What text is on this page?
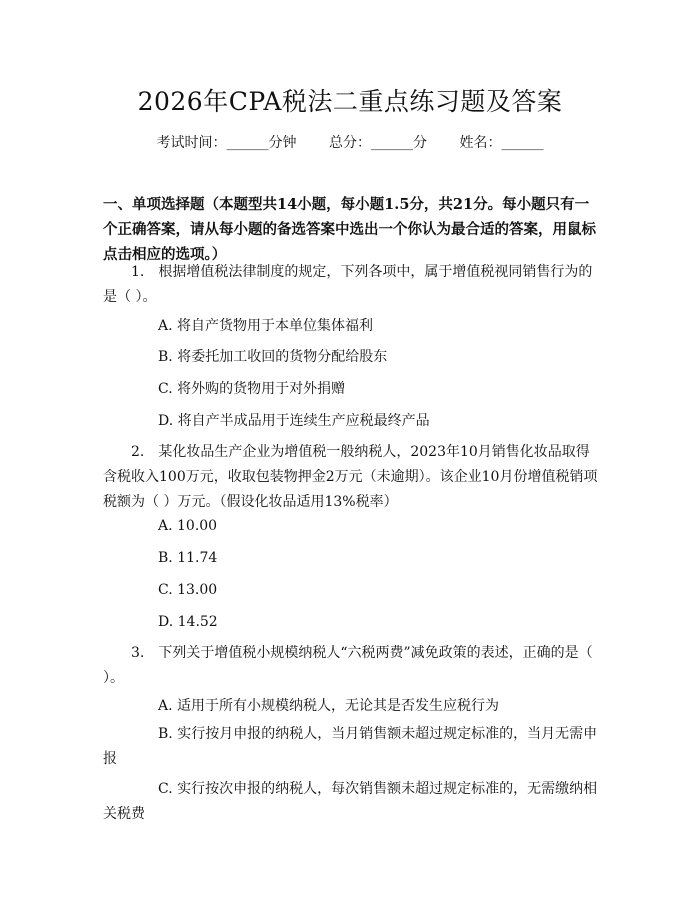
2026年CPA税法二重点练习题及答案
考试时间：______分钟 总分：______分 姓名：______
一、单项选择题（本题型共14小题，每小题1.5分，共21分。每小题只有一个正确答案，请从每小题的备选答案中选出一个你认为最合适的答案，用鼠标点击相应的选项。）
1.　根据增值税法律制度的规定，下列各项中，属于增值税视同销售行为的是（ ）。
A. 将自产货物用于本单位集体福利
B. 将委托加工收回的货物分配给股东
C. 将外购的货物用于对外捐赠
D. 将自产半成品用于连续生产应税最终产品
2.　某化妆品生产企业为增值税一般纳税人，2023年10月销售化妆品取得含税收入100万元，收取包装物押金2万元（未逾期）。该企业10月份增值税销项税额为（ ）万元。（假设化妆品适用13%税率）
A. 10.00
B. 11.74
C. 13.00
D. 14.52
3.　下列关于增值税小规模纳税人“六税两费”减免政策的表述，正确的是（ ）。
A. 适用于所有小规模纳税人，无论其是否发生应税行为
B. 实行按月申报的纳税人，当月销售额未超过规定标准的，当月无需申报
C. 实行按次申报的纳税人，每次销售额未超过规定标准的，无需缴纳相关税费
